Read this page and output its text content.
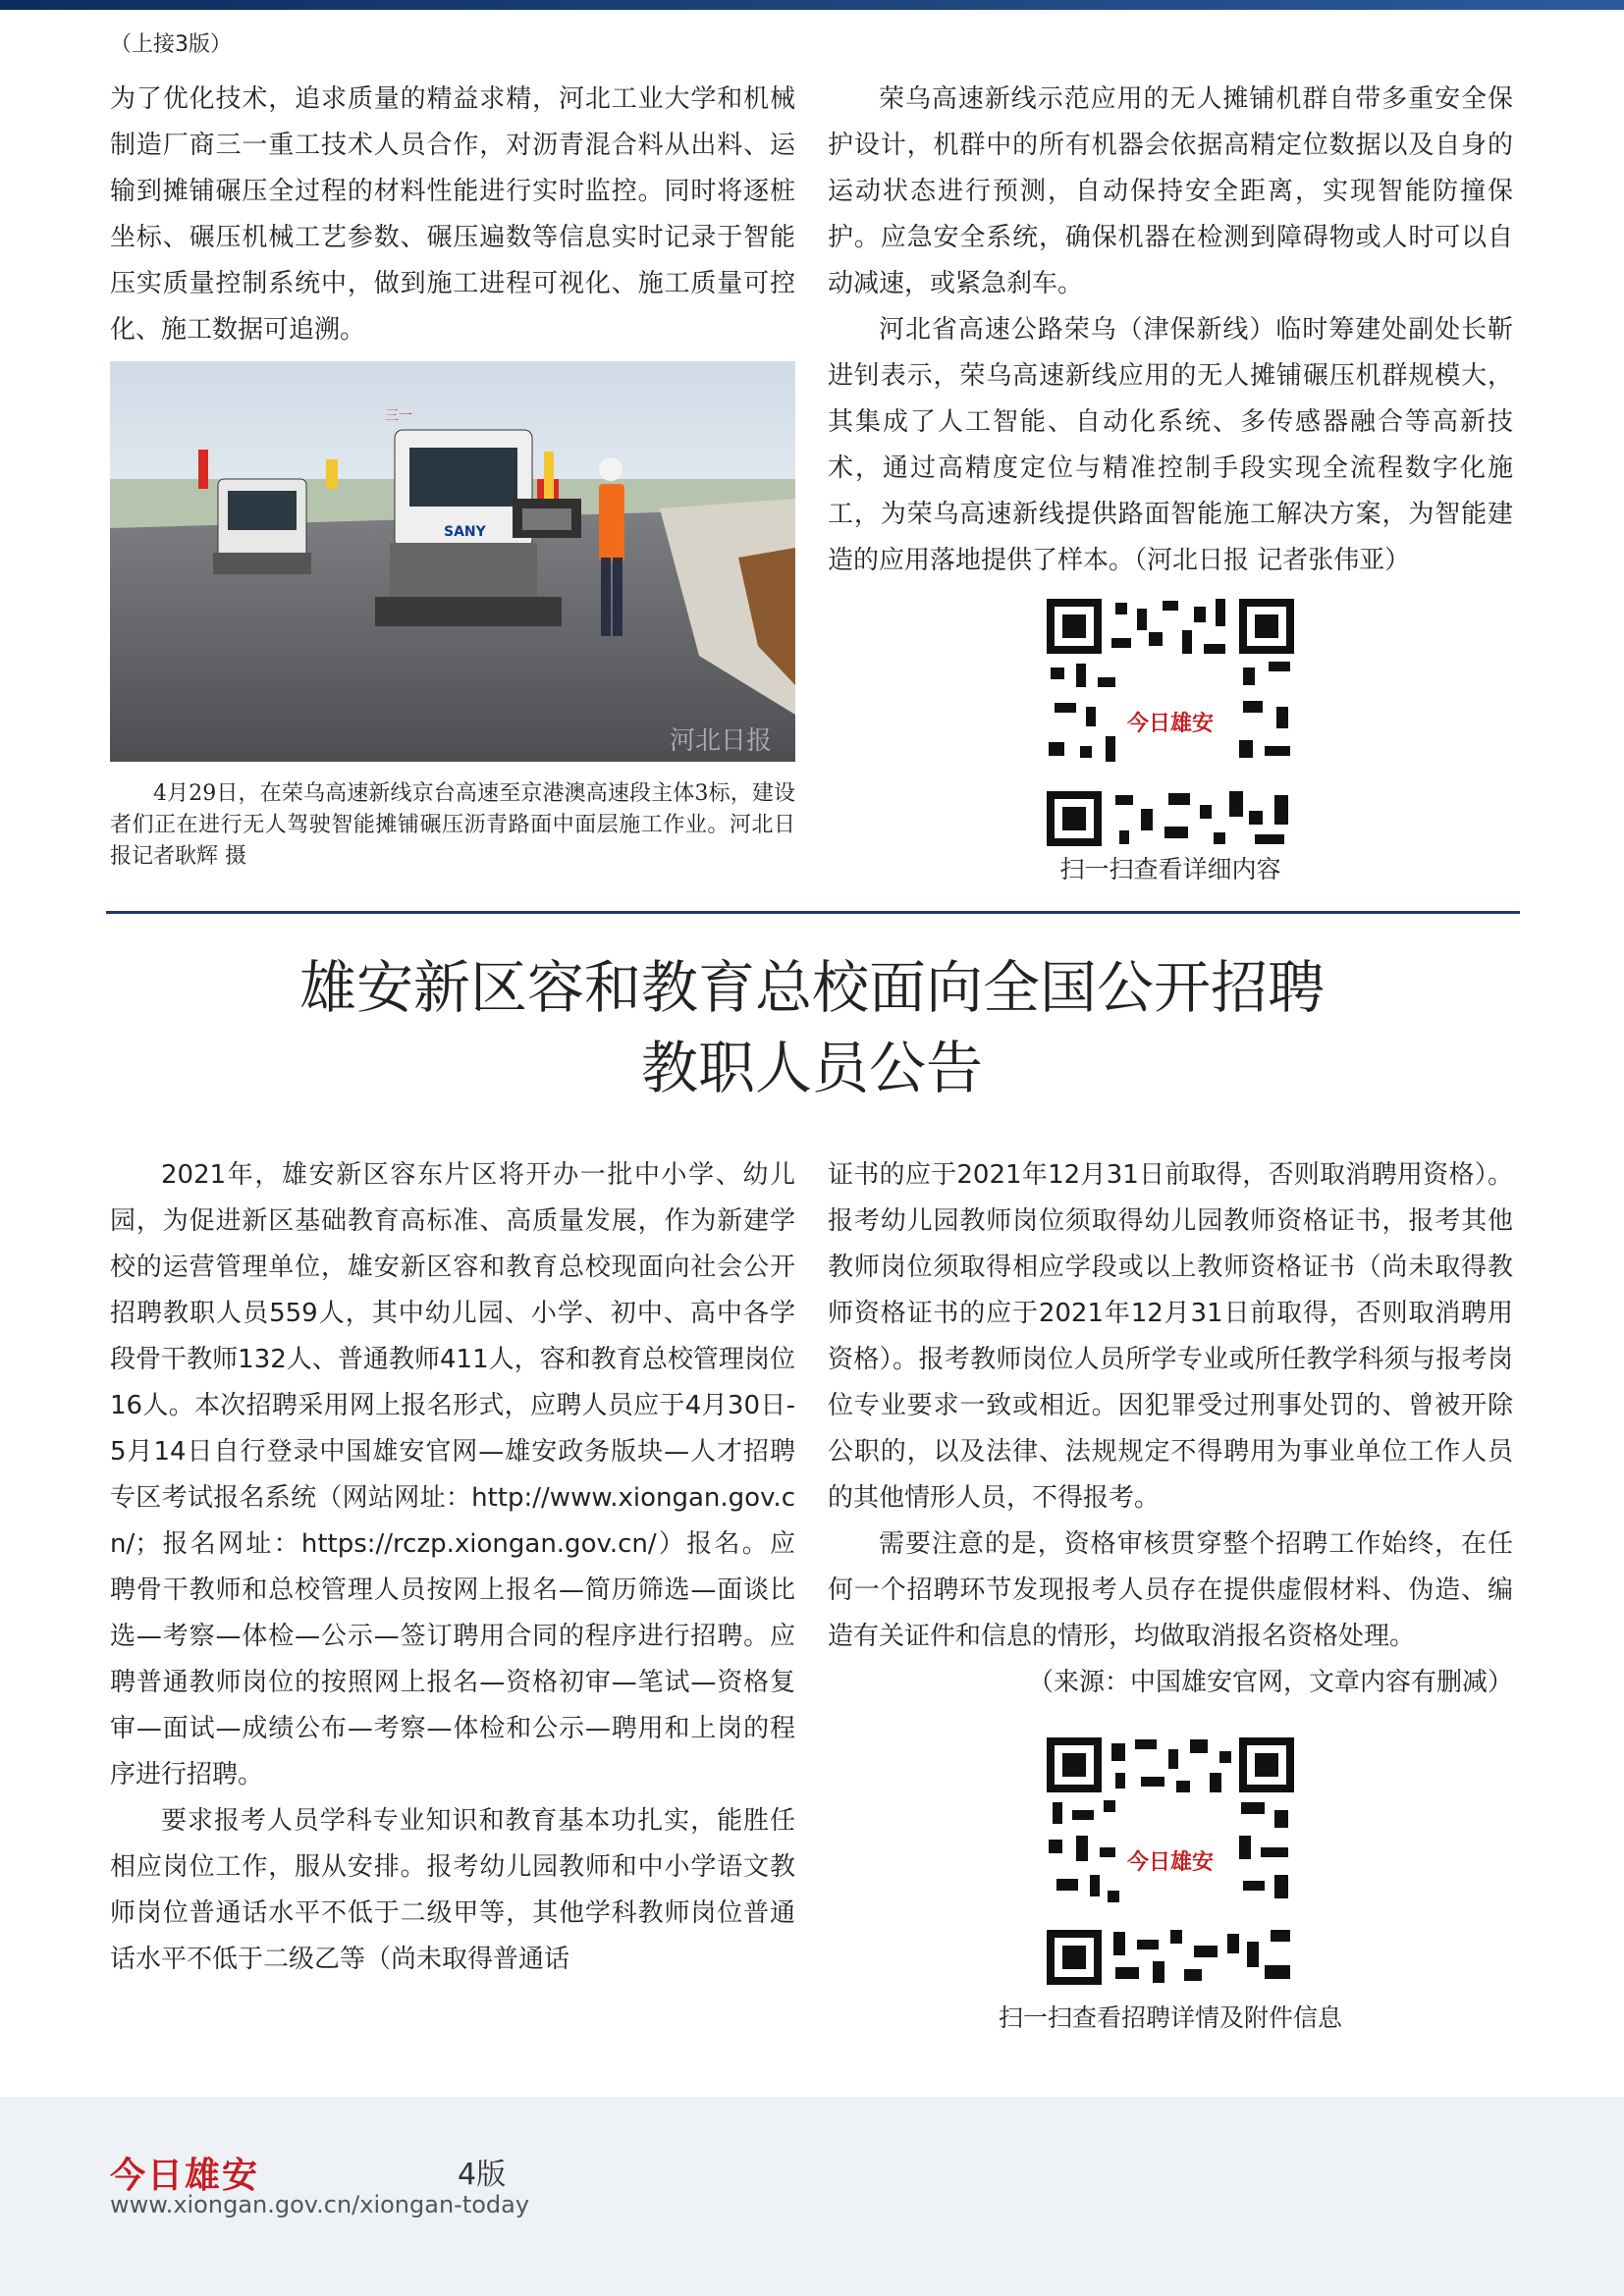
（上接3版）

为了优化技术，追求质量的精益求精，河北工业大学和机械制造厂商三一重工技术人员合作，对沥青混合料从出料、运输到摊铺碾压全过程的材料性能进行实时监控。同时将逐桩坐标、碾压机械工艺参数、碾压遍数等信息实时记录于智能压实质量控制系统中，做到施工进程可视化、施工质量可控化、施工数据可追溯。

SANY
三一
河北日报

4月29日，在荣乌高速新线京台高速至京港澳高速段主体3标，建设者们正在进行无人驾驶智能摊铺碾压沥青路面中面层施工作业。河北日报记者耿辉 摄

荣乌高速新线示范应用的无人摊铺机群自带多重安全保护设计，机群中的所有机器会依据高精定位数据以及自身的运动状态进行预测，自动保持安全距离，实现智能防撞保护。应急安全系统，确保机器在检测到障碍物或人时可以自动减速，或紧急刹车。

河北省高速公路荣乌（津保新线）临时筹建处副处长靳进钊表示，荣乌高速新线应用的无人摊铺碾压机群规模大，其集成了人工智能、自动化系统、多传感器融合等高新技术，通过高精度定位与精准控制手段实现全流程数字化施工，为荣乌高速新线提供路面智能施工解决方案，为智能建造的应用落地提供了样本。（河北日报 记者张伟亚）

今日雄安
扫一扫查看详细内容
雄安新区容和教育总校面向全国公开招聘
教职人员公告

2021年，雄安新区容东片区将开办一批中小学、幼儿园，为促进新区基础教育高标准、高质量发展，作为新建学校的运营管理单位，雄安新区容和教育总校现面向社会公开招聘教职人员559人，其中幼儿园、小学、初中、高中各学段骨干教师132人、普通教师411人，容和教育总校管理岗位16人。本次招聘采用网上报名形式，应聘人员应于4月30日-5月14日自行登录中国雄安官网—雄安政务版块—人才招聘专区考试报名系统（网站网址：http://www.xiongan.gov.cn/；报名网址：https://rczp.xiongan.gov.cn/）报名。应聘骨干教师和总校管理人员按网上报名—简历筛选—面谈比选—考察—体检—公示—签订聘用合同的程序进行招聘。应聘普通教师岗位的按照网上报名—资格初审—笔试—资格复审—面试—成绩公布—考察—体检和公示—聘用和上岗的程序进行招聘。

要求报考人员学科专业知识和教育基本功扎实，能胜任相应岗位工作，服从安排。报考幼儿园教师和中小学语文教师岗位普通话水平不低于二级甲等，其他学科教师岗位普通话水平不低于二级乙等（尚未取得普通话

证书的应于2021年12月31日前取得，否则取消聘用资格）。报考幼儿园教师岗位须取得幼儿园教师资格证书，报考其他教师岗位须取得相应学段或以上教师资格证书（尚未取得教师资格证书的应于2021年12月31日前取得，否则取消聘用资格）。报考教师岗位人员所学专业或所任教学科须与报考岗位专业要求一致或相近。因犯罪受过刑事处罚的、曾被开除公职的，以及法律、法规规定不得聘用为事业单位工作人员的其他情形人员，不得报考。

需要注意的是，资格审核贯穿整个招聘工作始终，在任何一个招聘环节发现报考人员存在提供虚假材料、伪造、编造有关证件和信息的情形，均做取消报名资格处理。

（来源：中国雄安官网，文章内容有删减）

今日雄安
扫一扫查看招聘详情及附件信息
今日雄安	4版
www.xiongan.gov.cn/xiongan-today
